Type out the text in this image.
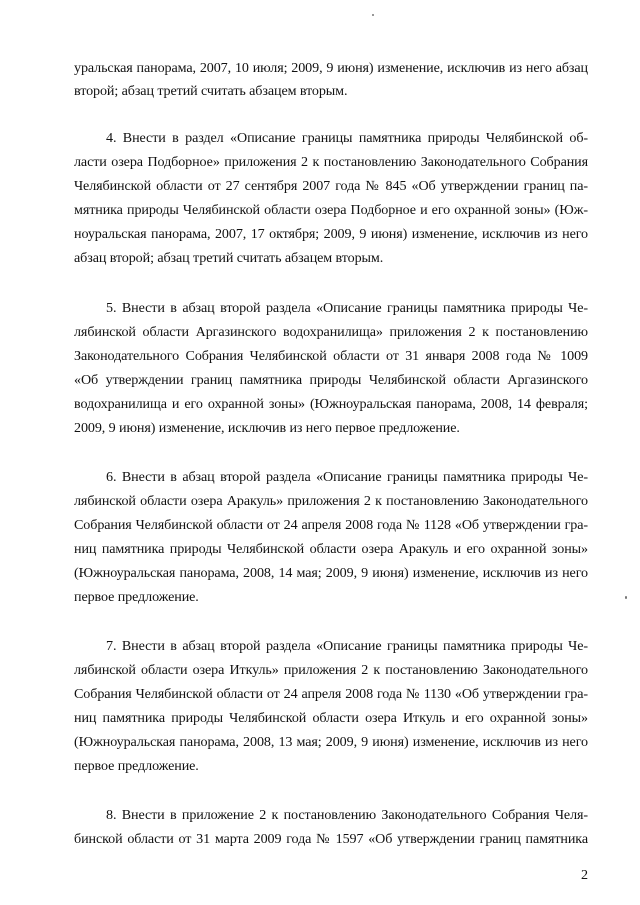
уральская панорама, 2007, 10 июля; 2009, 9 июня) изменение, исключив из него абзац
второй; абзац третий считать абзацем вторым.
4. Внести в раздел «Описание границы памятника природы Челябинской об-
ласти озера Подборное» приложения 2 к постановлению Законодательного Собрания
Челябинской области от 27 сентября 2007 года № 845 «Об утверждении границ па-
мятника природы Челябинской области озера Подборное и его охранной зоны» (Юж-
ноуральская панорама, 2007, 17 октября; 2009, 9 июня) изменение, исключив из него
абзац второй; абзац третий считать абзацем вторым.
5. Внести в абзац второй раздела «Описание границы памятника природы Че-
лябинской области Аргазинского водохранилища» приложения 2 к постановлению
Законодательного Собрания Челябинской области от 31 января 2008 года № 1009
«Об утверждении границ памятника природы Челябинской области Аргазинского
водохранилища и его охранной зоны» (Южноуральская панорама, 2008, 14 февраля;
2009, 9 июня) изменение, исключив из него первое предложение.
6. Внести в абзац второй раздела «Описание границы памятника природы Че-
лябинской области озера Аракуль» приложения 2 к постановлению Законодательного
Собрания Челябинской области от 24 апреля 2008 года № 1128 «Об утверждении гра-
ниц памятника природы Челябинской области озера Аракуль и его охранной зоны»
(Южноуральская панорама, 2008, 14 мая; 2009, 9 июня) изменение, исключив из него
первое предложение.
7. Внести в абзац второй раздела «Описание границы памятника природы Че-
лябинской области озера Иткуль» приложения 2 к постановлению Законодательного
Собрания Челябинской области от 24 апреля 2008 года № 1130 «Об утверждении гра-
ниц памятника природы Челябинской области озера Иткуль и его охранной зоны»
(Южноуральская панорама, 2008, 13 мая; 2009, 9 июня) изменение, исключив из него
первое предложение.
8. Внести в приложение 2 к постановлению Законодательного Собрания Челя-
бинской области от 31 марта 2009 года № 1597 «Об утверждении границ памятника
2
